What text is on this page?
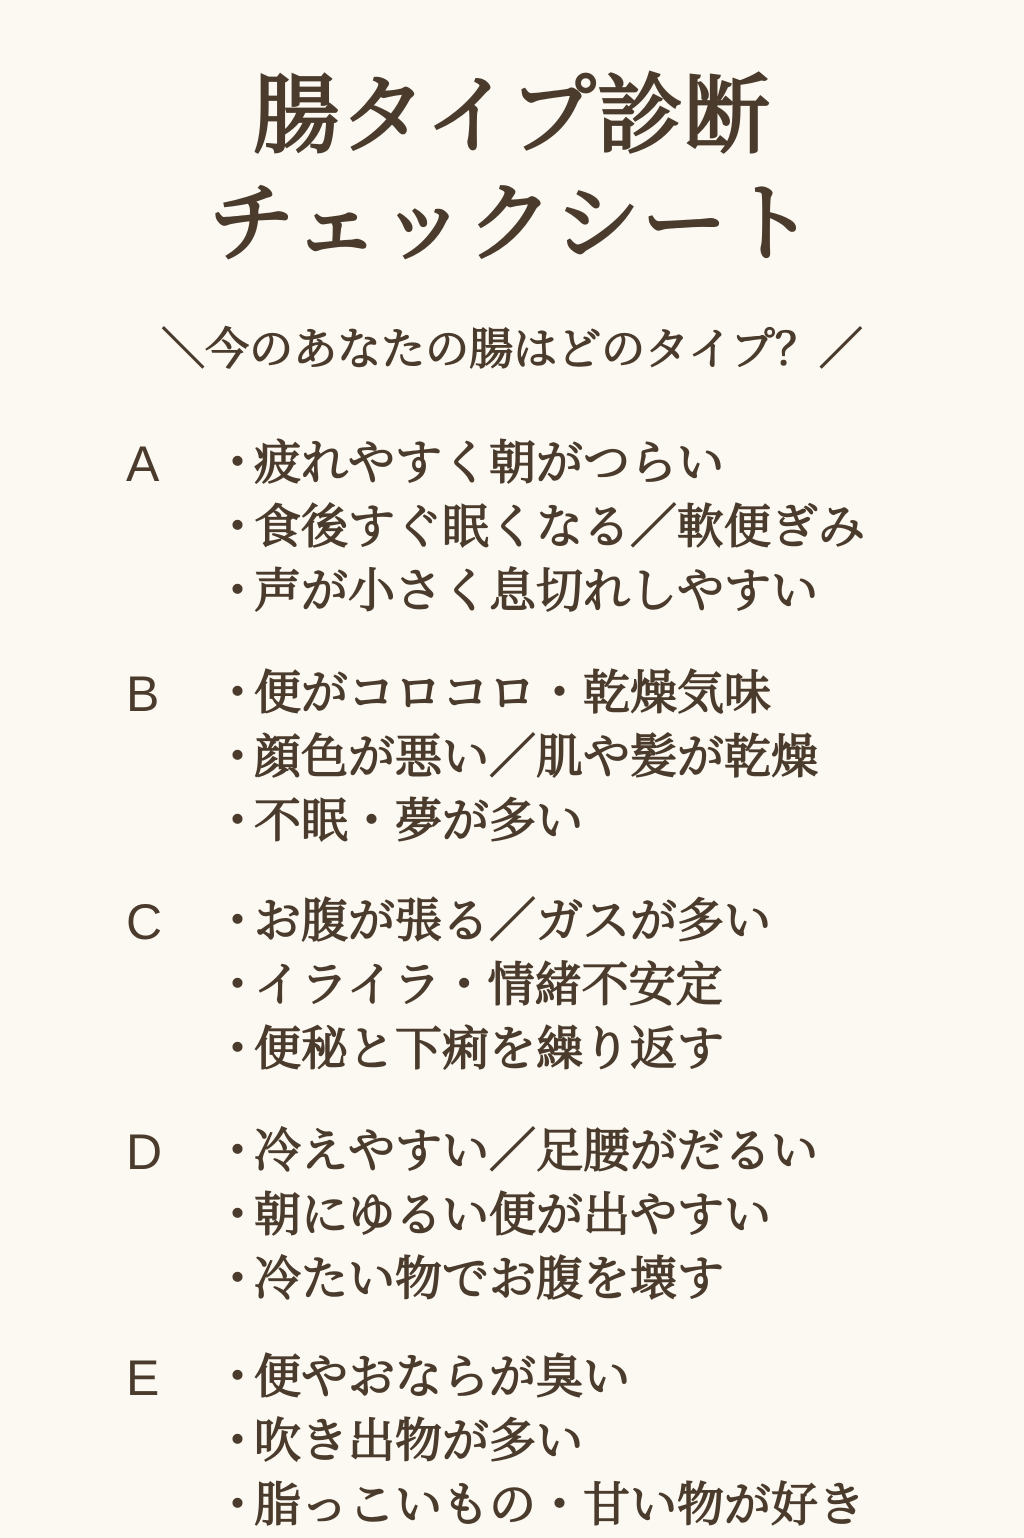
腸タイプ診断
チェックシート
＼今のあなたの腸はどのタイプ？／
A ・疲れやすく朝がつらい
・食後すぐ眠くなる／軟便ぎみ
・声が小さく息切れしやすい
B ・便がコロコロ・乾燥気味
・顔色が悪い／肌や髪が乾燥
・不眠・夢が多い
C ・お腹が張る／ガスが多い
・イライラ・情緒不安定
・便秘と下痢を繰り返す
D ・冷えやすい／足腰がだるい
・朝にゆるい便が出やすい
・冷たい物でお腹を壊す
E ・便やおならが臭い
・吹き出物が多い
・脂っこいもの・甘い物が好き
